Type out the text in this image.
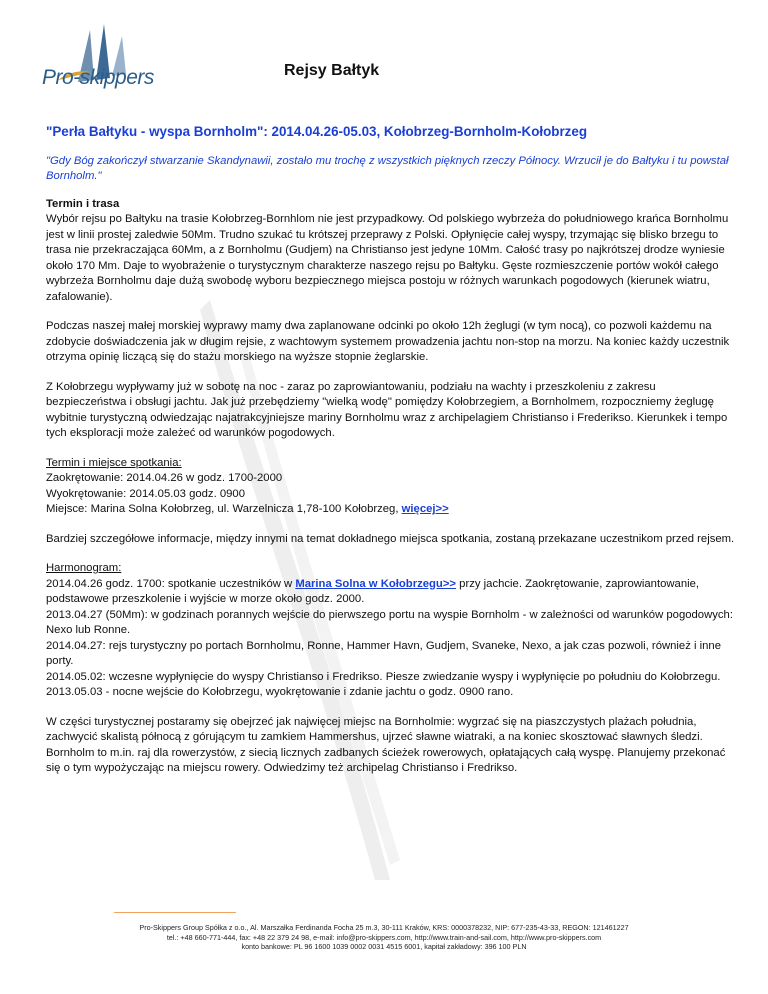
Pro-skippers	Rejsy Bałtyk
"Perła Bałtyku - wyspa Bornholm": 2014.04.26-05.03, Kołobrzeg-Bornholm-Kołobrzeg
"Gdy Bóg zakończył stwarzanie Skandynawii, zostało mu trochę z wszystkich pięknych rzeczy Północy. Wrzucił je do Bałtyku i tu powstał Bornholm."
Termin i trasa
Wybór rejsu po Bałtyku na trasie Kołobrzeg-Bornhlom nie jest przypadkowy. Od polskiego wybrzeża do południowego krańca Bornholmu jest w linii prostej zaledwie 50Mm. Trudno szukać tu krótszej przeprawy z Polski. Opłynięcie całej wyspy, trzymając się blisko brzegu to trasa nie przekraczająca 60Mm, a z Bornholmu (Gudjem) na Christianso jest jedyne 10Mm. Całość trasy po najkrótszej drodze wyniesie około 170 Mm. Daje to wyobrażenie o turystycznym charakterze naszego rejsu po Bałtyku. Gęste rozmieszczenie portów wokół całego wybrzeża Bornholmu daje dużą swobodę wyboru bezpiecznego miejsca postoju w różnych warunkach pogodowych (kierunek wiatru, zafalowanie).
Podczas naszej małej morskiej wyprawy mamy dwa zaplanowane odcinki po około 12h żeglugi (w tym nocą), co pozwoli każdemu na zdobycie doświadczenia jak w długim rejsie, z wachtowym systemem prowadzenia jachtu non-stop na morzu. Na koniec każdy uczestnik otrzyma opinię liczącą się do stażu morskiego na wyższe stopnie żeglarskie.
Z Kołobrzegu wypływamy już w sobotę na noc - zaraz po zaprowiantowaniu, podziału na wachty i przeszkoleniu z zakresu bezpieczeństwa i obsługi jachtu. Jak już przebędziemy "wielką wodę" pomiędzy Kołobrzegiem, a Bornholmem, rozpoczniemy żeglugę wybitnie turystyczną odwiedzając najatrakcyjniejsze mariny Bornholmu wraz z archipelagiem Christianso i Frederikso. Kierunkek i tempo tych eksploracji może zależeć od warunków pogodowych.
Termin i miejsce spotkania:
Zaokrętowanie: 2014.04.26 w godz. 1700-2000
Wyokrętowanie: 2014.05.03 godz. 0900
Miejsce: Marina Solna Kołobrzeg, ul. Warzelnicza 1,78-100 Kołobrzeg, więcej>>
Bardziej szczegółowe informacje, między innymi na temat dokładnego miejsca spotkania, zostaną przekazane uczestnikom przed rejsem.
Harmonogram:
2014.04.26 godz. 1700: spotkanie uczestników w Marina Solna w Kołobrzegu>> przy jachcie. Zaokrętowanie, zaprowiantowanie, podstawowe przeszkolenie i wyjście w morze około godz. 2000.
2013.04.27 (50Mm): w godzinach porannych wejście do pierwszego portu na wyspie Bornholm - w zależności od warunków pogodowych: Nexo lub Ronne.
2014.04.27: rejs turystyczny po portach Bornholmu, Ronne, Hammer Havn, Gudjem, Svaneke, Nexo, a jak czas pozwoli, również i inne porty.
2014.05.02: wczesne wypłynięcie do wyspy Christianso i Fredrikso. Piesze zwiedzanie wyspy i wypłynięcie po południu do Kołobrzegu.
2013.05.03 - nocne wejście do Kołobrzegu, wyokrętowanie i zdanie jachtu o godz. 0900 rano.
W części turystycznej postaramy się obejrzeć jak najwięcej miejsc na Bornholmie: wygrzać się na piaszczystych plażach południa, zachwycić skalistą północą z górującym tu zamkiem Hammershus, ujrzeć sławne wiatraki, a na koniec skosztować sławnych śledzi. Bornholm to m.in. raj dla rowerzystów, z siecią licznych zadbanych ścieżek rowerowych, opłatających całą wyspę. Planujemy przekonać się o tym wypożyczając na miejscu rowery. Odwiedzimy też archipelag Christianso i Fredrikso.
Pro-Skippers Group Spółka z o.o., Al. Marszałka Ferdinanda Focha 25 m.3, 30-111 Kraków, KRS: 0000378232, NIP: 677-235-43-33, REGON: 121461227
tel.: +48 660-771-444, fax: +48 22 379 24 98, e-mail: info@pro-skippers.com, http://www.train-and-sail.com, http://www.pro-skippers.com
konto bankowe: PL 96 1600 1039 0002 0031 4515 6001, kapitał zakładowy: 396 100 PLN
